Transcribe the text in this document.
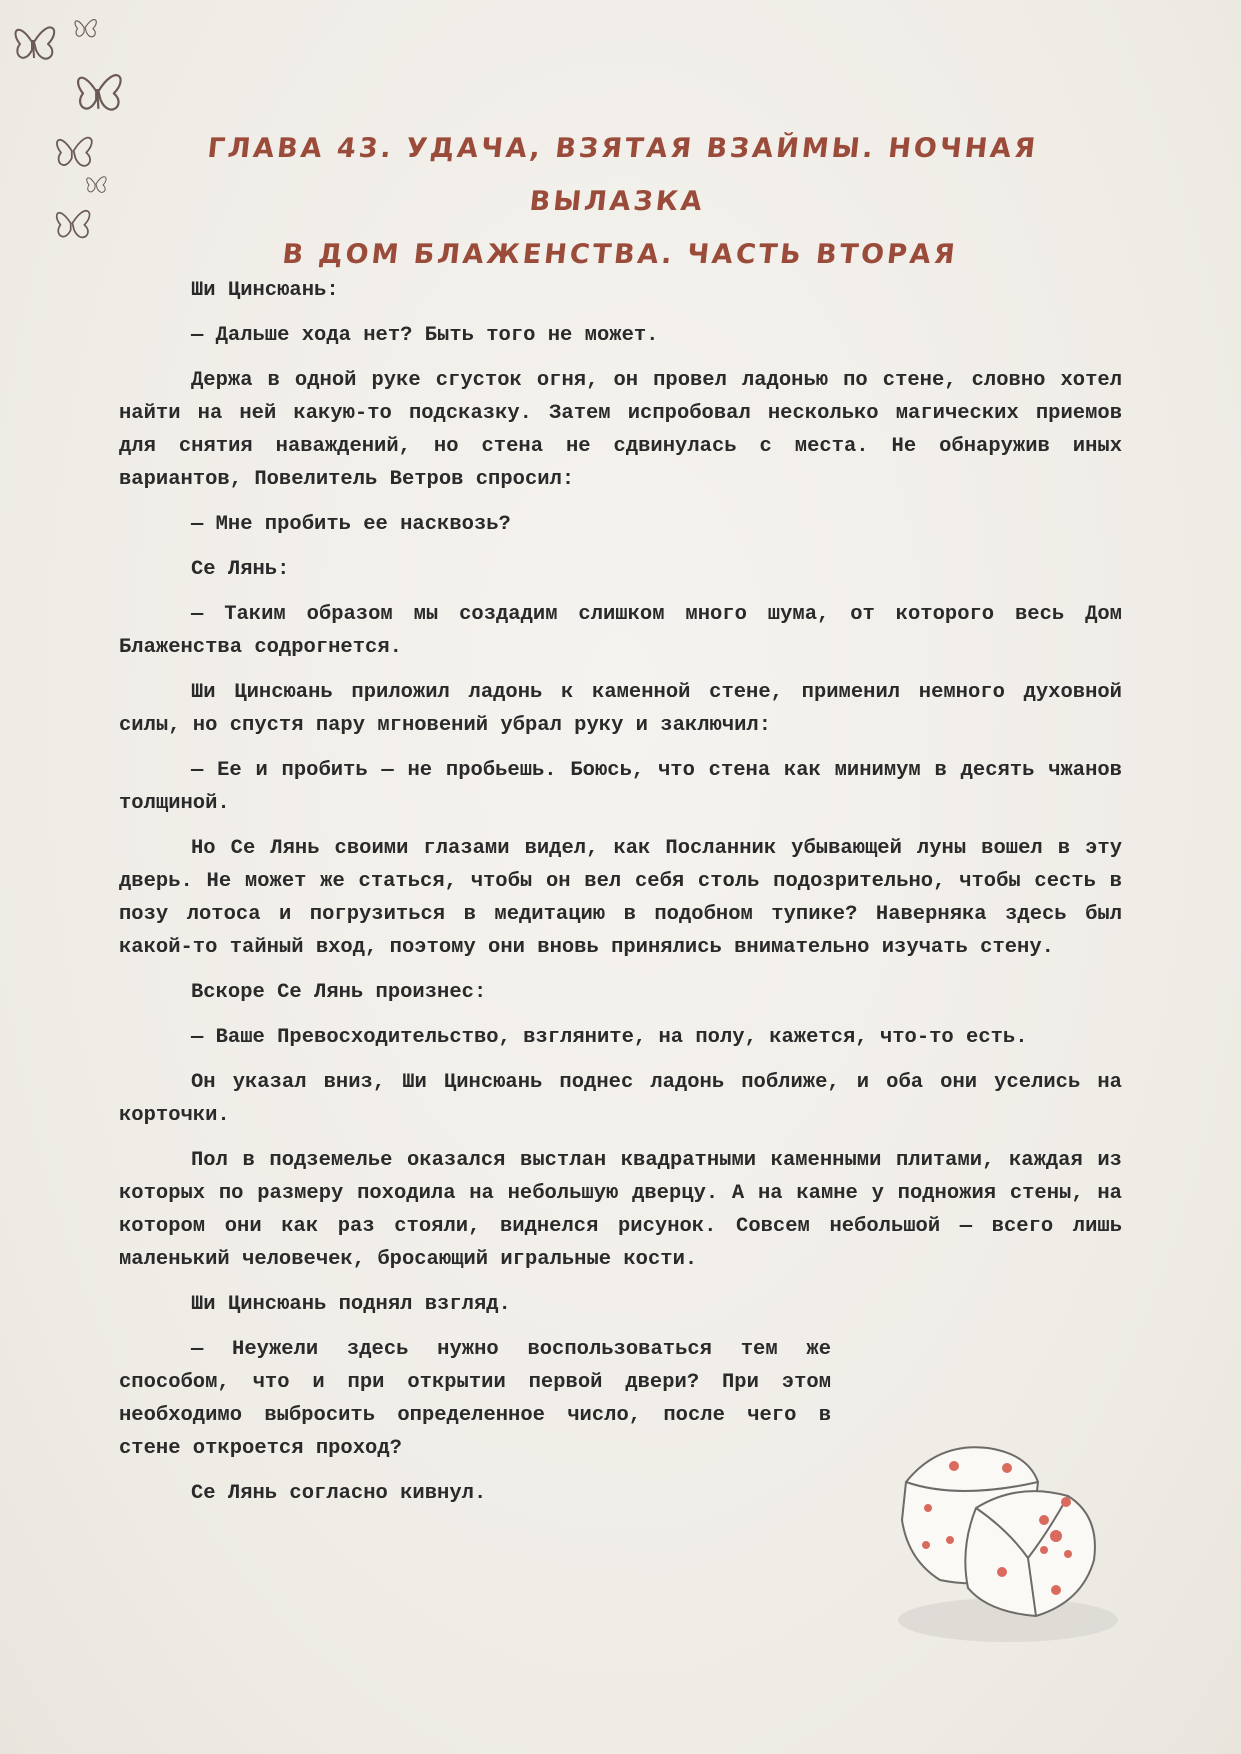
ГЛАВА 43. УДАЧА, ВЗЯТАЯ ВЗАЙМЫ. НОЧНАЯ ВЫЛАЗКА
В ДОМ БЛАЖЕНСТВА. ЧАСТЬ ВТОРАЯ

Ши Цинсюань:

— Дальше хода нет? Быть того не может.

Держа в одной руке сгусток огня, он провел ладонью по стене, словно хотел найти на ней какую-то подсказку. Затем испробовал несколько магических приемов для снятия наваждений, но стена не сдвинулась с места. Не обнаружив иных вариантов, Повелитель Ветров спросил:

— Мне пробить ее насквозь?

Се Лянь:

— Таким образом мы создадим слишком много шума, от которого весь Дом Блаженства содрогнется.

Ши Цинсюань приложил ладонь к каменной стене, применил немного духовной силы, но спустя пару мгновений убрал руку и заключил:

— Ее и пробить — не пробьешь. Боюсь, что стена как минимум в десять чжанов толщиной.

Но Се Лянь своими глазами видел, как Посланник убывающей луны вошел в эту дверь. Не может же статься, чтобы он вел себя столь подозрительно, чтобы сесть в позу лотоса и погрузиться в медитацию в подобном тупике? Наверняка здесь был какой-то тайный вход, поэтому они вновь принялись внимательно изучать стену.

Вскоре Се Лянь произнес:

— Ваше Превосходительство, взгляните, на полу, кажется, что-то есть.

Он указал вниз, Ши Цинсюань поднес ладонь поближе, и оба они уселись на корточки.

Пол в подземелье оказался выстлан квадратными каменными плитами, каждая из которых по размеру походила на небольшую дверцу. А на камне у подножия стены, на котором они как раз стояли, виднелся рисунок. Совсем небольшой — всего лишь маленький человечек, бросающий игральные кости.

Ши Цинсюань поднял взгляд.

— Неужели здесь нужно воспользоваться тем же способом, что и при открытии первой двери? При этом необходимо выбросить определенное число, после чего в стене откроется проход?

Се Лянь согласно кивнул.
